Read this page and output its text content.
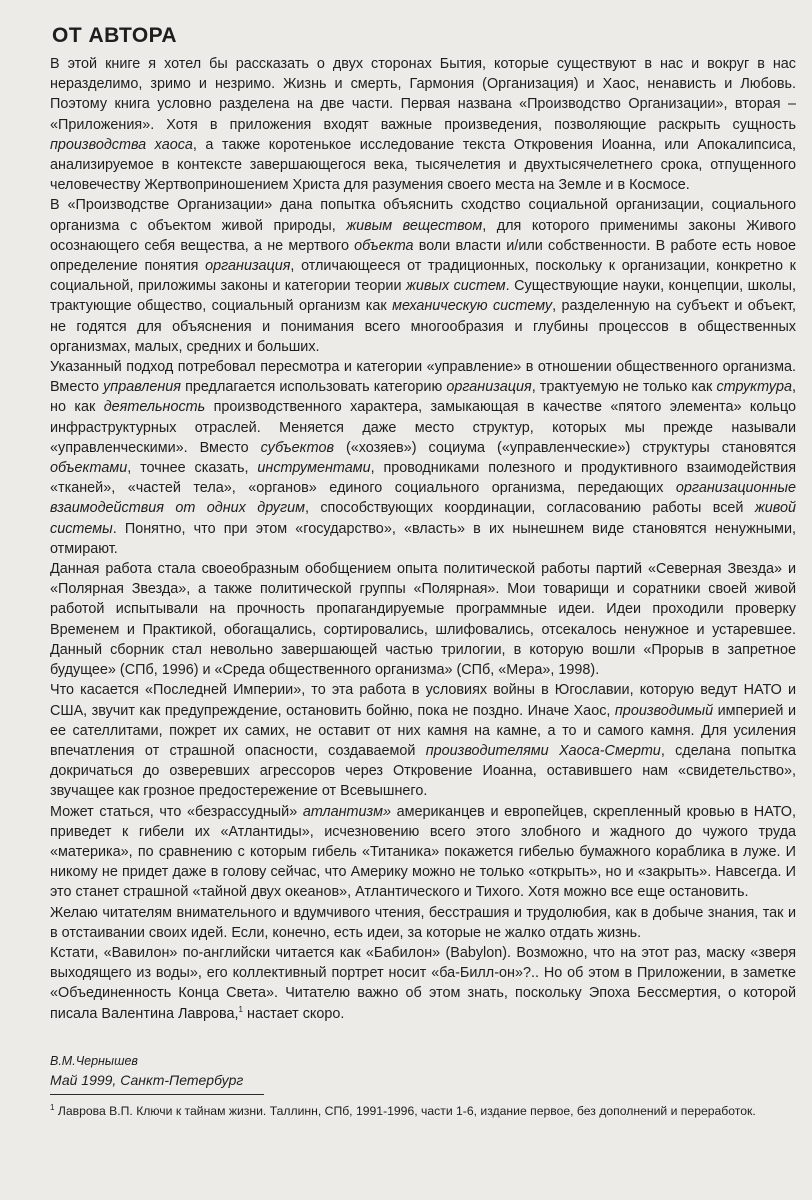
ОТ АВТОРА

В этой книге я хотел бы рассказать о двух сторонах Бытия, которые существуют в нас и вокруг в нас неразделимо, зримо и незримо. Жизнь и смерть, Гармония (Организация) и Хаос, ненависть и Любовь. Поэтому книга условно разделена на две части. Первая названа «Производство Организации», вторая – «Приложения». Хотя в приложения входят важные произведения, позволяющие раскрыть сущность производства хаоса, а также коротенькое исследование текста Откровения Иоанна, или Апокалипсиса, анализируемое в контексте завершающегося века, тысячелетия и двухтысячелетнего срока, отпущенного человечеству Жертвоприношением Христа для разумения своего места на Земле и в Космосе.

В «Производстве Организации» дана попытка объяснить сходство социальной организации, социального организма с объектом живой природы, живым веществом, для которого применимы законы Живого осознающего себя вещества, а не мертвого объекта воли власти и/или собственности. В работе есть новое определение понятия организация, отличающееся от традиционных, поскольку к организации, конкретно к социальной, приложимы законы и категории теории живых систем. Существующие науки, концепции, школы, трактующие общество, социальный организм как механическую систему, разделенную на субъект и объект, не годятся для объяснения и понимания всего многообразия и глубины процессов в общественных организмах, малых, средних и больших.

Указанный подход потребовал пересмотра и категории «управление» в отношении общественного организма. Вместо управления предлагается использовать категорию организация, трактуемую не только как структура, но как деятельность производственного характера, замыкающая в качестве «пятого элемента» кольцо инфраструктурных отраслей. Меняется даже место структур, которых мы прежде называли «управленческими». Вместо субъектов («хозяев») социума («управленческие») структуры становятся объектами, точнее сказать, инструментами, проводниками полезного и продуктивного взаимодействия «тканей», «частей тела», «органов» единого социального организма, передающих организационные взаимодействия от одних другим, способствующих координации, согласованию работы всей живой системы. Понятно, что при этом «государство», «власть» в их нынешнем виде становятся ненужными, отмирают.

Данная работа стала своеобразным обобщением опыта политической работы партий «Северная Звезда» и «Полярная Звезда», а также политической группы «Полярная». Мои товарищи и соратники своей живой работой испытывали на прочность пропагандируемые программные идеи. Идеи проходили проверку Временем и Практикой, обогащались, сортировались, шлифовались, отсекалось ненужное и устаревшее. Данный сборник стал невольно завершающей частью трилогии, в которую вошли «Прорыв в запретное будущее» (СПб, 1996) и «Среда общественного организма» (СПб, «Мера», 1998).

Что касается «Последней Империи», то эта работа в условиях войны в Югославии, которую ведут НАТО и США, звучит как предупреждение, остановить бойню, пока не поздно. Иначе Хаос, производимый империей и ее сателлитами, пожрет их самих, не оставит от них камня на камне, а то и самого камня. Для усиления впечатления от страшной опасности, создаваемой производителями Хаоса-Смерти, сделана попытка докричаться до озверевших агрессоров через Откровение Иоанна, оставившего нам «свидетельство», звучащее как грозное предостережение от Всевышнего.

Может статься, что «безрассудный» атлантизм» американцев и европейцев, скрепленный кровью в НАТО, приведет к гибели их «Атлантиды», исчезновению всего этого злобного и жадного до чужого труда «материка», по сравнению с которым гибель «Титаника» покажется гибелью бумажного кораблика в луже. И никому не придет даже в голову сейчас, что Америку можно не только «открыть», но и «закрыть». Навсегда. И это станет страшной «тайной двух океанов», Атлантического и Тихого. Хотя можно все еще остановить.

Желаю читателям внимательного и вдумчивого чтения, бесстрашия и трудолюбия, как в добыче знания, так и в отстаивании своих идей. Если, конечно, есть идеи, за которые не жалко отдать жизнь.

Кстати, «Вавилон» по-английски читается как «Бабилон» (Babylon). Возможно, что на этот раз, маску «зверя выходящего из воды», его коллективный портрет носит «ба-Билл-он»?.. Но об этом в Приложении, в заметке «Объединенность Конца Света». Читателю важно об этом знать, поскольку Эпоха Бессмертия, о которой писала Валентина Лаврова,$^1$ настает скоро.

В.М.Чернышев
Май 1999, Санкт-Петербург
$^1$ Лаврова В.П. Ключи к тайнам жизни. Таллинн, СПб, 1991-1996, части 1-6, издание первое, без дополнений и переработок.
